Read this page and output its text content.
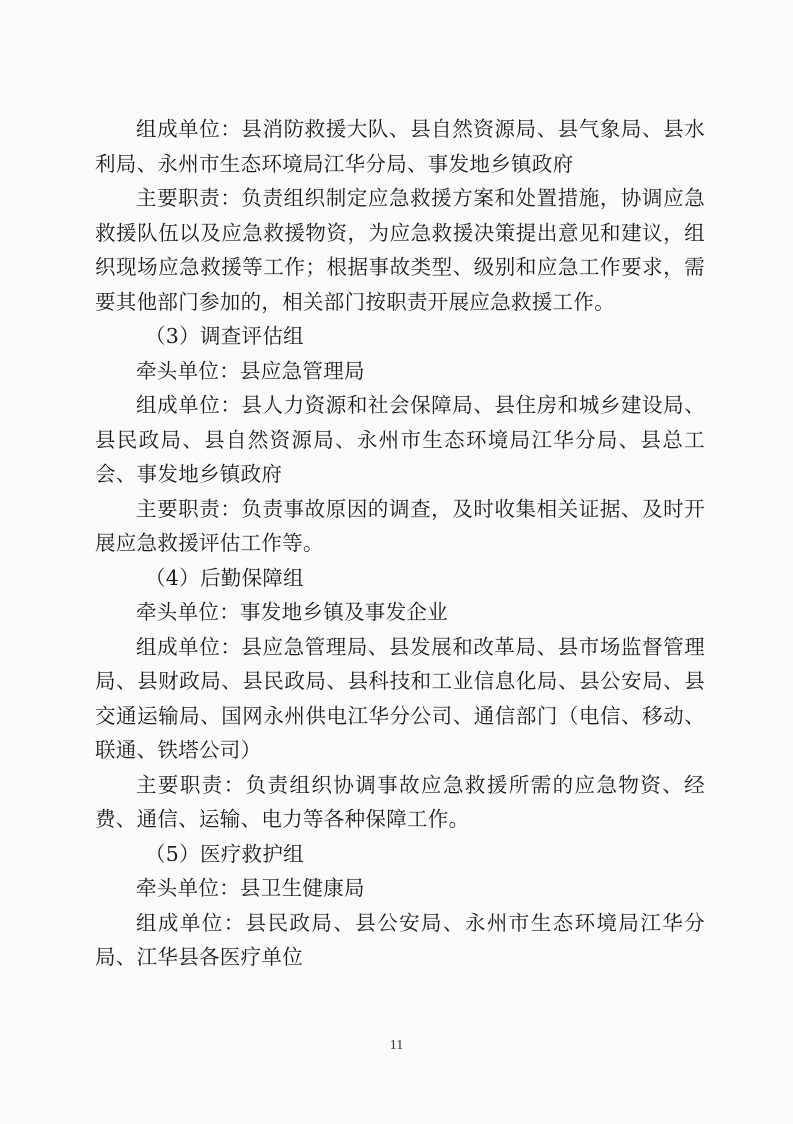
组成单位：县消防救援大队、县自然资源局、县气象局、县水利局、永州市生态环境局江华分局、事发地乡镇政府

主要职责：负责组织制定应急救援方案和处置措施，协调应急救援队伍以及应急救援物资，为应急救援决策提出意见和建议，组织现场应急救援等工作；根据事故类型、级别和应急工作要求，需要其他部门参加的，相关部门按职责开展应急救援工作。

（3）调查评估组

牵头单位：县应急管理局

组成单位：县人力资源和社会保障局、县住房和城乡建设局、县民政局、县自然资源局、永州市生态环境局江华分局、县总工会、事发地乡镇政府

主要职责：负责事故原因的调查，及时收集相关证据、及时开展应急救援评估工作等。

（4）后勤保障组

牵头单位：事发地乡镇及事发企业

组成单位：县应急管理局、县发展和改革局、县市场监督管理局、县财政局、县民政局、县科技和工业信息化局、县公安局、县交通运输局、国网永州供电江华分公司、通信部门（电信、移动、联通、铁塔公司）

主要职责：负责组织协调事故应急救援所需的应急物资、经费、通信、运输、电力等各种保障工作。

（5）医疗救护组

牵头单位：县卫生健康局

组成单位：县民政局、县公安局、永州市生态环境局江华分局、江华县各医疗单位

11
